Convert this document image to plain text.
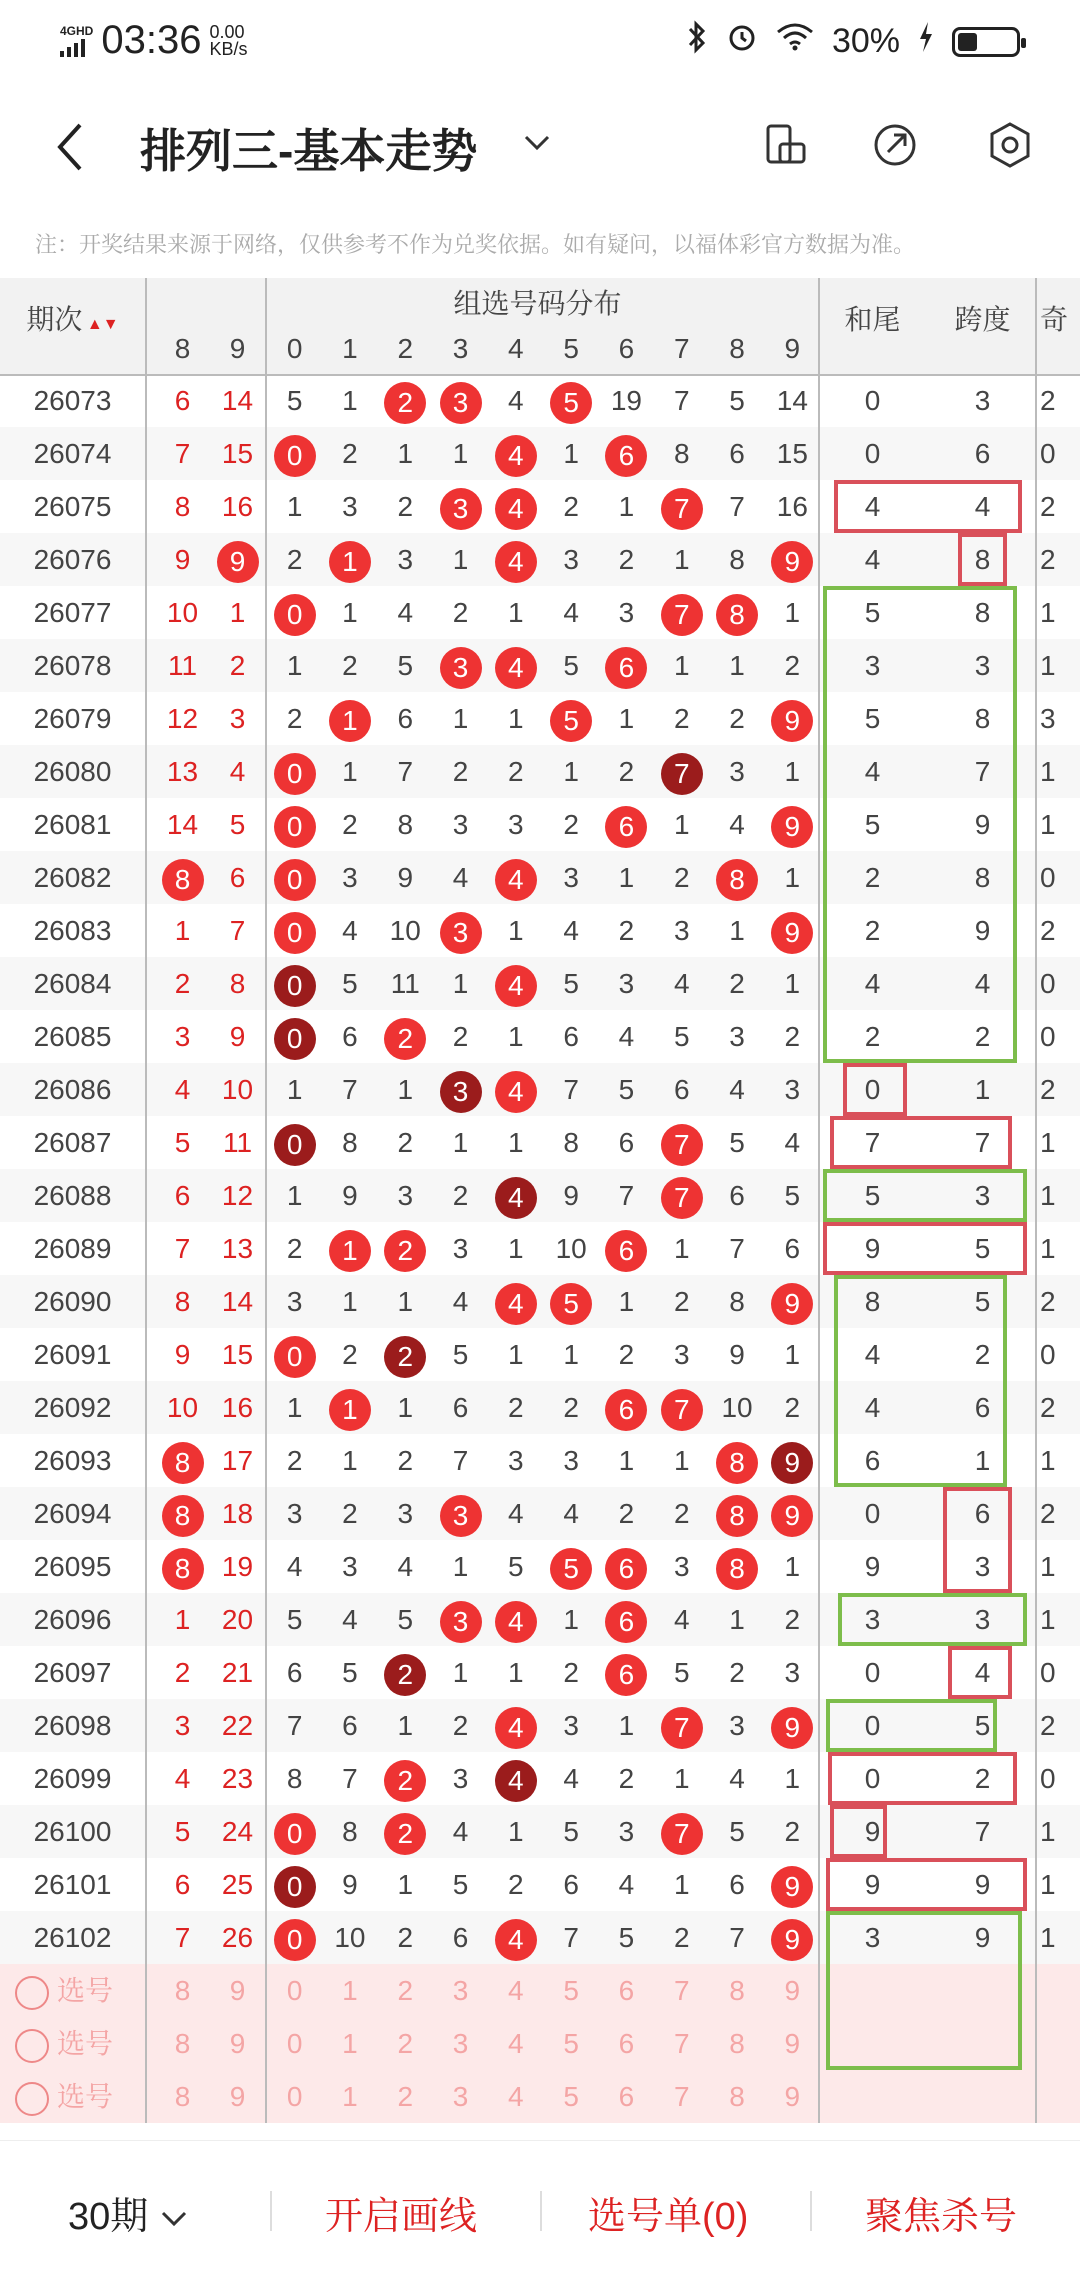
4GHD 03:36 0.00
KB/s	30%
排列三-基本走势
注：开奖结果来源于网络，仅供参考不作为兑奖依据。如有疑问，以福体彩官方数据为准。
期次 ▲▼
组选号码分布
8	9	0	1	2	3	4	5	6	7	8	9
和尾	跨度	奇
26073	6	14	5	1	2	3	4	5	19	7	5	14	0	3	2
26074	7	15	0	2	1	1	4	1	6	8	6	15	0	6	0
26075	8	16	1	3	2	3	4	2	1	7	7	16	4	4	2
26076	9	9	2	1	3	1	4	3	2	1	8	9	4	8	2
26077	10	1	0	1	4	2	1	4	3	7	8	1	5	8	1
26078	11	2	1	2	5	3	4	5	6	1	1	2	3	3	1
26079	12	3	2	1	6	1	1	5	1	2	2	9	5	8	3
26080	13	4	0	1	7	2	2	1	2	7	3	1	4	7	1
26081	14	5	0	2	8	3	3	2	6	1	4	9	5	9	1
26082	8	6	0	3	9	4	4	3	1	2	8	1	2	8	0
26083	1	7	0	4	10	3	1	4	2	3	1	9	2	9	2
26084	2	8	0	5	11	1	4	5	3	4	2	1	4	4	0
26085	3	9	0	6	2	2	1	6	4	5	3	2	2	2	0
26086	4	10	1	7	1	3	4	7	5	6	4	3	0	1	2
26087	5	11	0	8	2	1	1	8	6	7	5	4	7	7	1
26088	6	12	1	9	3	2	4	9	7	7	6	5	5	3	1
26089	7	13	2	1	2	3	1	10	6	1	7	6	9	5	1
26090	8	14	3	1	1	4	4	5	1	2	8	9	8	5	2
26091	9	15	0	2	2	5	1	1	2	3	9	1	4	2	0
26092	10 16	1	1	1	6	2	2	6	7	10	2	4	6	2
26093	8	17	2	1	2	7	3	3	1	1	8	9	6	1	1
26094	8	18	3	2	3	3	4	4	2	2	8	9	0	6	2
26095	8	19	4	3	4	1	5	5	6	3	8	1	9	3	1
26096	1	20	5	4	5	3	4	1	6	4	1	2	3	3	1
26097	2	21	6	5	2	1	1	2	6	5	2	3	0	4	0
26098	3	22	7	6	1	2	4	3	1	7	3	9	0	5	2
26099	4	23	8	7	2	3	4	4	2	1	4	1	0	2	0
26100	5	24	0	8	2	4	1	5	3	7	5	2	9	7	1
26101	6	25	0	9	1	5	2	6	4	1	6	9	9	9	1
26102	7	26	0	10	2	6	4	7	5	2	7	9	3	9	1
选号	8	9	0	1	2	3	4	5	6	7	8	9
选号	8	9	0	1	2	3	4	5	6	7	8	9
选号	8	9	0	1	2	3	4	5	6	7	8	9
30期	开启画线	选号单(0)	聚焦杀号
